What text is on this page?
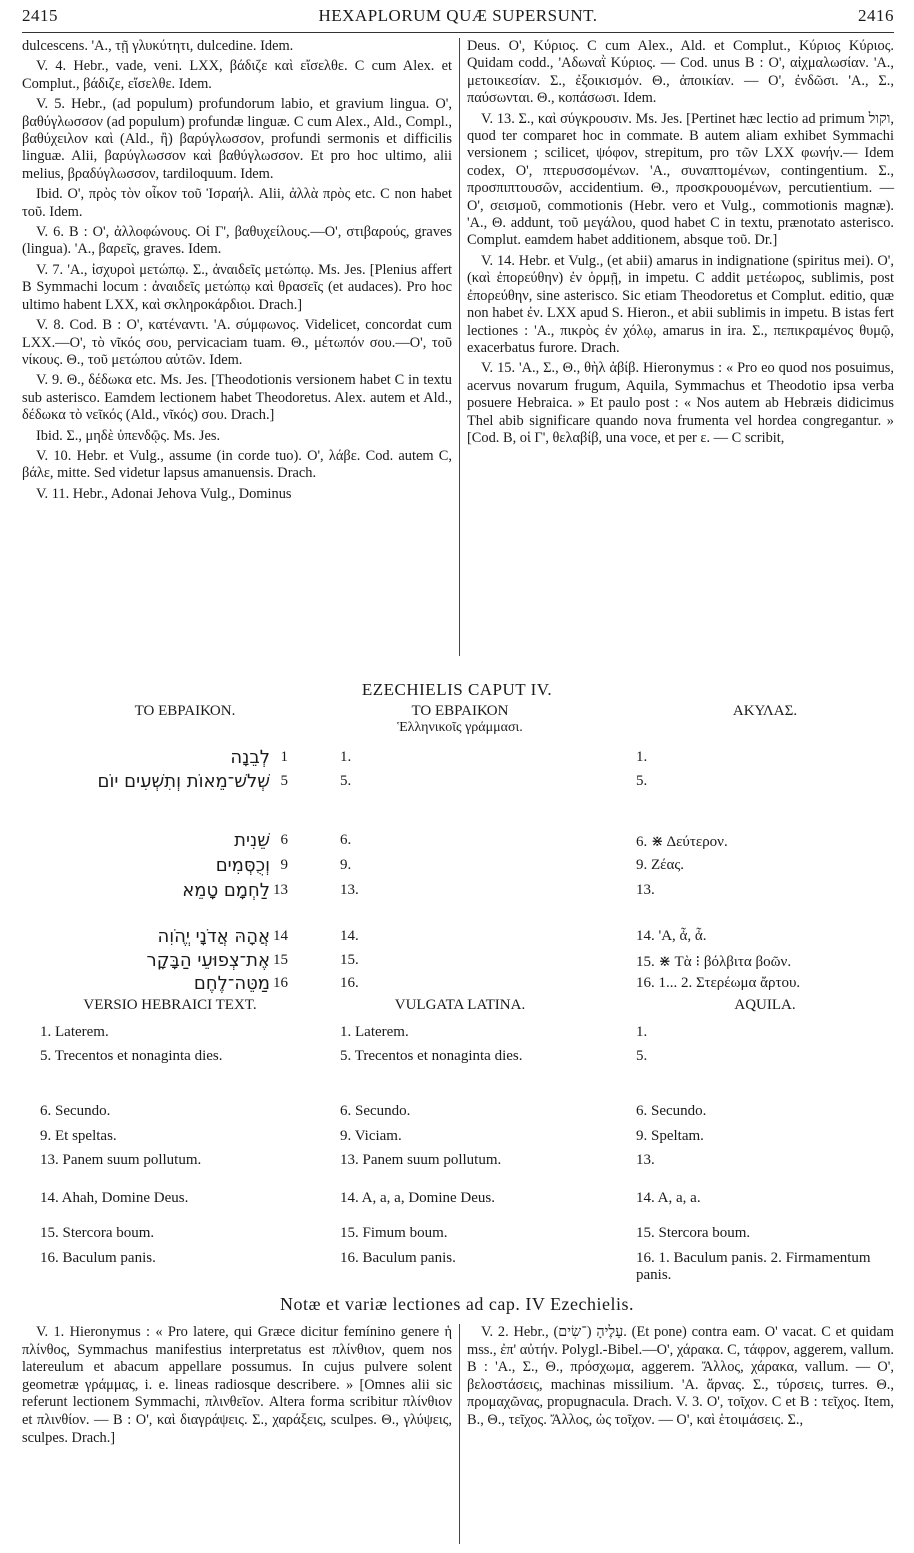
2415	HEXAPLORUM QUÆ SUPERSUNT.	2416

dulcescens. 'Α., τῇ γλυκύτητι, dulcedine. Idem.

V. 4. Hebr., vade, veni. LXX, βάδιζε καὶ εἴσελθε. C cum Alex. et Complut., βάδιζε, εἴσελθε. Idem.

V. 5. Hebr., (ad populum) profundorum labio, et gravium lingua. Ο', βαθύγλωσσον (ad populum) profundæ linguæ. C cum Alex., Ald., Compl., βαθύχειλον καὶ (Ald., ἢ) βαρύγλωσσον, profundi sermonis et difficilis linguæ. Alii, βαρύγλωσσον καὶ βαθύγλωσσον. Et pro hoc ultimo, alii melius, βραδύγλωσσον, tardiloquum. Idem.

Ibid. Ο', πρὸς τὸν οἶκον τοῦ Ἰσραήλ. Alii, ἀλλὰ πρὸς etc. C non habet τοῦ. Idem.

V. 6. B : Ο', ἀλλοφώνους. Οἱ Γ', βαθυχείλους.—Ο', στιβαρούς, graves (lingua). 'Α., βαρεῖς, graves. Idem.

V. 7. 'Α., ἰσχυροὶ μετώπῳ. Σ., ἀναιδεῖς μετώπῳ. Ms. Jes. [Plenius affert B Symmachi locum : ἀναιδεῖς μετώπῳ καὶ θρασεῖς (et audaces). Pro hoc ultimo habent LXX, καὶ σκληροκάρδιοι. Drach.]

V. 8. Cod. B : Ο', κατέναντι. 'Α. σύμφωνος. Videlicet, concordat cum LXX.—Ο', τὸ νῖκός σου, pervicaciam tuam. Θ., μέτωπόν σου.—Ο', τοῦ νίκους. Θ., τοῦ μετώπου αὐτῶν. Idem.

V. 9. Θ., δέδωκα etc. Ms. Jes. [Theodotionis versionem habet C in textu sub asterisco. Eamdem lectionem habet Theodoretus. Alex. autem et Ald., δέδωκα τὸ νεῖκός (Ald., νῖκός) σου. Drach.]

Ibid. Σ., μηδὲ ὑπενδῷς. Ms. Jes.

V. 10. Hebr. et Vulg., assume (in corde tuo). Ο', λάβε. Cod. autem C, βάλε, mitte. Sed videtur lapsus amanuensis. Drach.

V. 11. Hebr., Adonai Jehova Vulg., Dominus

Deus. Ο', Κύριος. C cum Alex., Ald. et Complut., Κύριος Κύριος. Quidam codd., 'Αδωναῒ Κύριος. — Cod. unus B : Ο', αἰχμαλωσίαν. 'Α., μετοικεσίαν. Σ., ἐξοικισμόν. Θ., ἀποικίαν. — Ο', ἐνδῶσι. 'Α., Σ., παύσωνται. Θ., κοπάσωσι. Idem.

V. 13. Σ., καὶ σύγκρουσιν. Ms. Jes. [Pertinet hæc lectio ad primum וקול, quod ter comparet hoc in commate. B autem aliam exhibet Symmachi versionem ; scilicet, ψόφον, strepitum, pro τῶν LXX φωνήν.— Idem codex, Ο', πτερυσσομένων. 'Α., συναπτομένων, contingentium. Σ., προσπιπτουσῶν, accidentium. Θ., προσκρουομένων, percutientium. — Ο', σεισμοῦ, commotionis (Hebr. vero et Vulg., commotionis magnæ). 'Α., Θ. addunt, τοῦ μεγάλου, quod habet C in textu, prænotato asterisco. Complut. eamdem habet additionem, absque τοῦ. Dr.]

V. 14. Hebr. et Vulg., (et abii) amarus in indignatione (spiritus mei). Ο', (καὶ ἐπορεύθην) ἐν ὁρμῇ, in impetu. C addit μετέωρος, sublimis, post ἐπορεύθην, sine asterisco. Sic etiam Theodoretus et Complut. editio, quæ non habet ἐν. LXX apud S. Hieron., et abii sublimis in impetu. B istas fert lectiones : 'Α., πικρὸς ἐν χόλῳ, amarus in ira. Σ., πεπικραμένος θυμῷ, exacerbatus furore. Drach.

V. 15. 'Α., Σ., Θ., θὴλ ἀβίβ. Hieronymus : « Pro eo quod nos posuimus, acervus novarum frugum, Aquila, Symmachus et Theodotio ipsa verba posuere Hebraica. » Et paulo post : « Nos autem ab Hebræis didicimus Thel abib significare quando nova frumenta vel hordea congregantur. » [Cod. B, οἱ Γ', θελαβίβ, una voce, et per ε. — C scribit,

EZECHIELIS CAPUT IV.
ΤΟ ΕΒΡΑΙΚΟΝ.	ΤΟ ΕΒΡΑΙΚΟΝ
Ἑλληνικοῖς γράμμασι.
ΑΚΥΛΑΣ.
לְבֵנָה 1	1.	1.
שְׁלשׁ־מֵאוֹת וְתִשְׁעִים יוֹם 5	5.	5.
שֵׁנִית 6	6.	6. ⋇ Δεύτερον.
וְכֻסְּמִים 9	9.	9. Ζέας.
לַחְמָם טָמֵא 13	13.	13.
אֲהָהּ אֲדֹנָי יֱהֹוִה 14	14.	14. 'Α, ἆ, ἆ.
אֶת־צְפוּעֵי הַבָּקָר 15	15.	15. ⋇ Τὰ ⁝ βόλβιτα βοῶν.
מַטֵּה־לֶחֶם 16	16.	16. 1... 2. Στερέωμα ἄρτου.
VERSIO HEBRAICI TEXT.	VULGATA LATINA.	AQUILA.
1. Laterem.	1. Laterem.	1.
5. Trecentos et nonaginta dies.	5. Trecentos et nonaginta dies.	5.
6. Secundo.	6. Secundo.	6. Secundo.
9. Et speltas.	9. Viciam.	9. Speltam.
13. Panem suum pollutum.	13. Panem suum pollutum.	13.
14. Ahah, Domine Deus.	14. A, a, a, Domine Deus.	14. A, a, a.
15. Stercora boum.	15. Fimum boum.	15. Stercora boum.
16. Baculum panis.	16. Baculum panis.	16. 1. Baculum panis. 2. Firmamentum panis.
Notæ et variæ lectiones ad cap. IV Ezechielis.

V. 1. Hieronymus : « Pro latere, qui Græce dicitur femínino genere ἡ πλίνθος, Symmachus manifestius interpretatus est πλίνθιον, quem nos latereulum et abacum appellare possumus. In cujus pulvere solent geometræ γράμμας, i. e. lineas radiosque describere. » [Omnes alii sic referunt lectionem Symmachi, πλινθεῖον. Altera forma scribitur πλίνθιον et πλινθίον. — B : Ο', καὶ διαγράψεις. Σ., χαράξεις, sculpes. Θ., γλύψεις, sculpes. Drach.]

V. 2. Hebr., עָלֶיהָ (־שִׂים). (Et pone) contra eam. Ο' vacat. C et quidam mss., ἐπ' αὐτήν. Polygl.-Bibel.—Ο', χάρακα. C, τάφρον, aggerem, vallum. B : 'Α., Σ., Θ., πρόσχωμα, aggerem. Ἄλλος, χάρακα, vallum. — Ο', βελοστάσεις, machinas missilium. 'Α. ἄρνας. Σ., τύρσεις, turres. Θ., προμαχῶνας, propugnacula. Drach. V. 3. Ο', τοῖχον. C et B : τεῖχος. Item, B., Θ., τεῖχος. Ἄλλος, ὡς τοῖχον. — Ο', καὶ ἑτοιμάσεις. Σ.,
